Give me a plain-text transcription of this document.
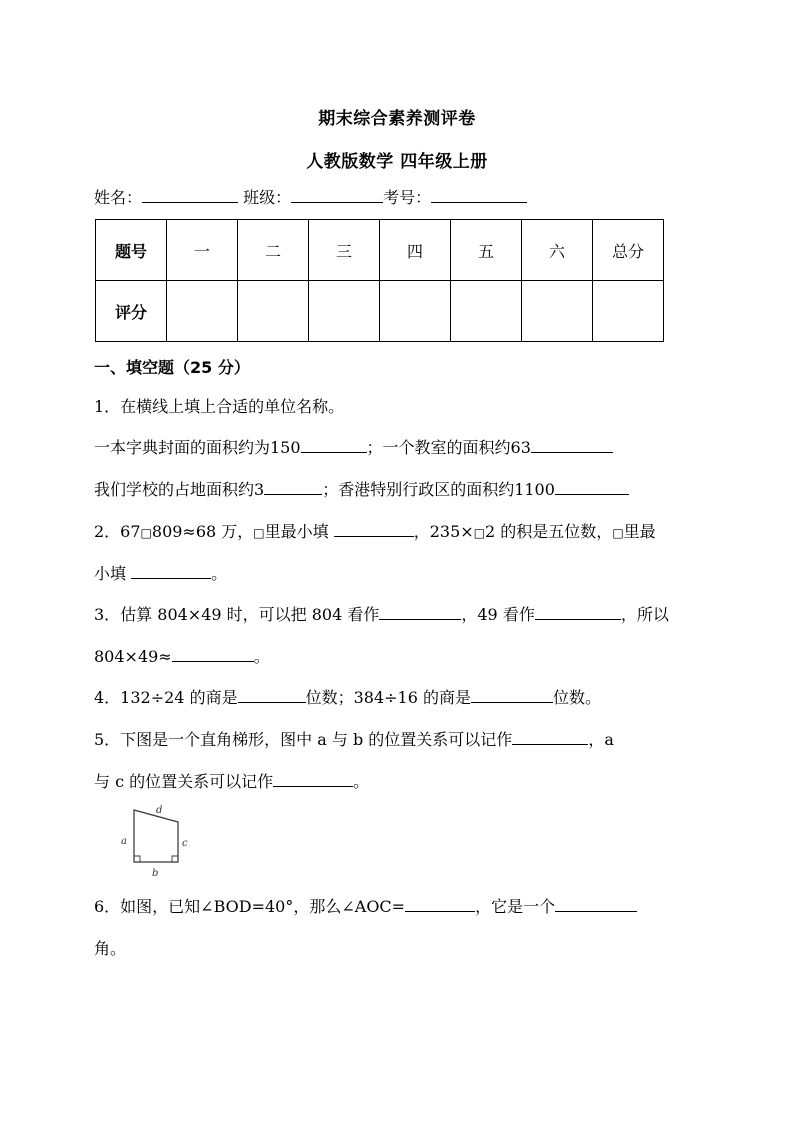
期末综合素养测评卷
人教版数学 四年级上册
姓名：	班级：	考号：
题号	一	二	三	四	五	六	总分
评分							
一、填空题（25 分）
1．在横线上填上合适的单位名称。
一本字典封面的面积约为150	；一个教室的面积约63
我们学校的占地面积约3	；香港特别行政区的面积约1100
2．67□809≈68 万，□里最小填	，235×□2 的积是五位数，□里最
小填	。
3．估算 804×49 时，可以把 804 看作	，49 看作	，所以
804×49≈	。
4．132÷24 的商是	位数；384÷16 的商是	位数。
5．下图是一个直角梯形，图中 a 与 b 的位置关系可以记作	，a
与 c 的位置关系可以记作	。
d
a	c
b
6．如图，已知∠BOD=40°，那么∠AOC=	，它是一个
角。
